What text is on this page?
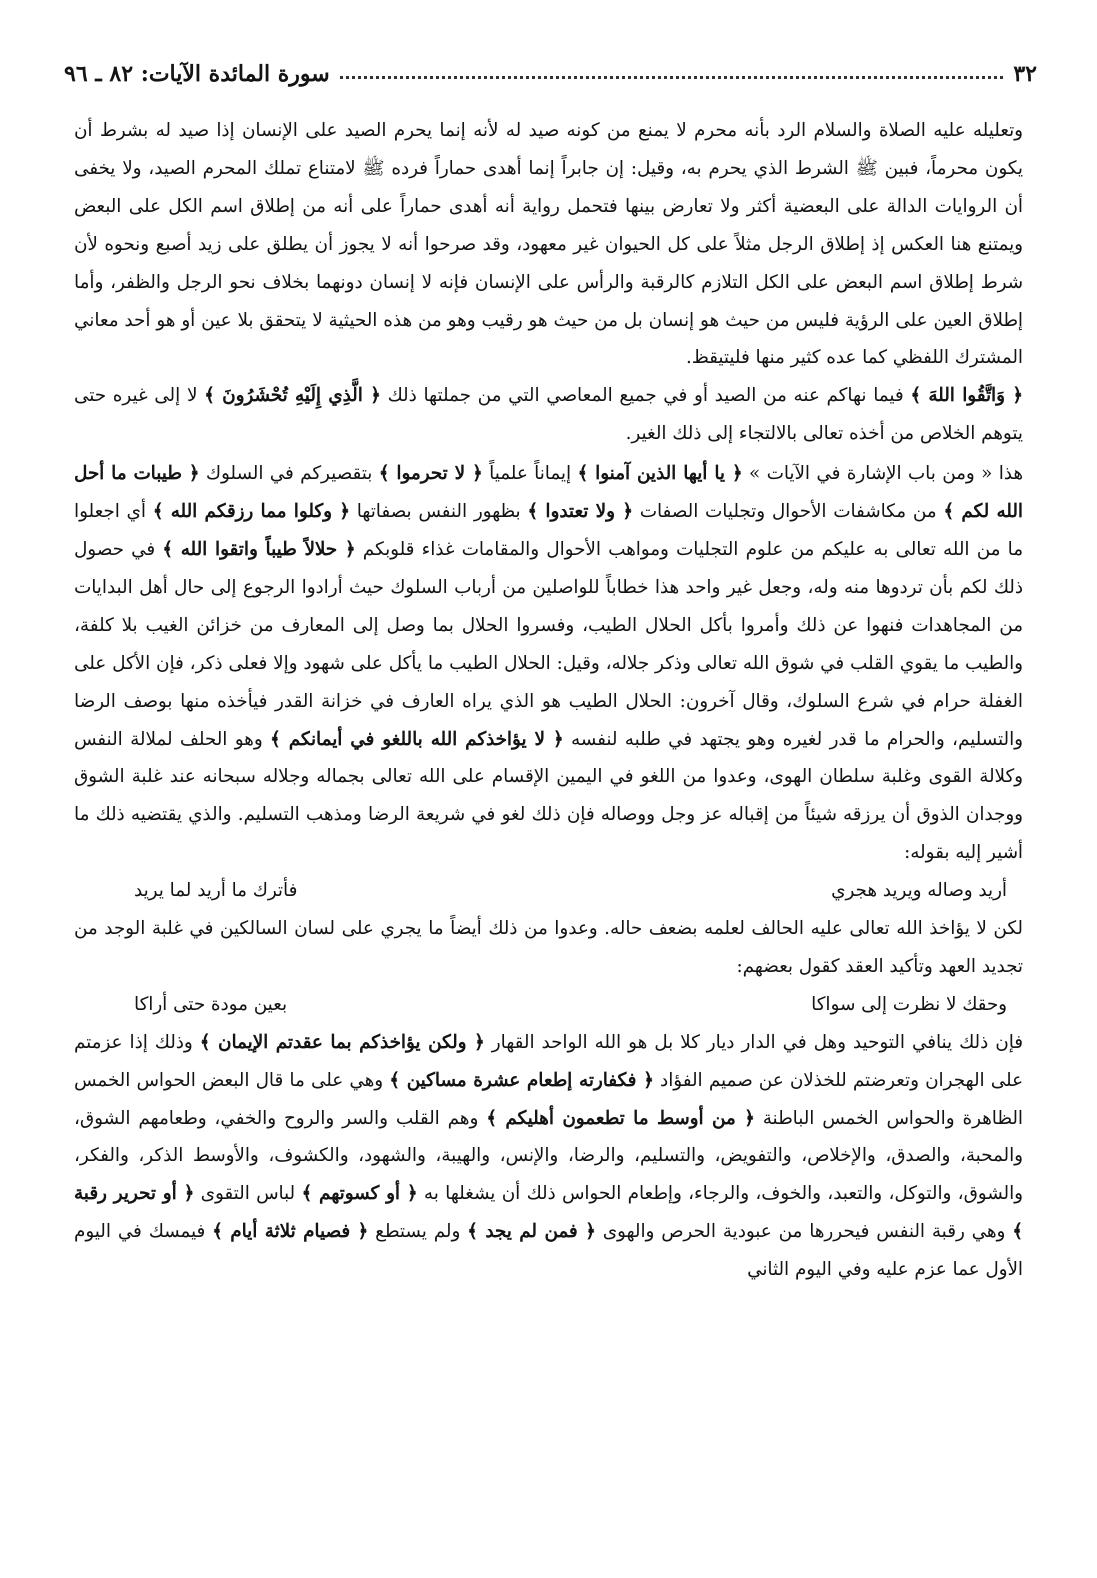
٣٢
سورة المائدة الآيات: ٨٢ ـ ٩٦

وتعليله عليه الصلاة والسلام الرد بأنه محرم لا يمنع من كونه صيد له لأنه إنما يحرم الصيد على الإنسان إذا صيد له بشرط أن يكون محرماً، فبين ﷺ الشرط الذي يحرم به، وقيل: إن جابراً إنما أهدى حماراً فرده ﷺ لامتناع تملك المحرم الصيد، ولا يخفى أن الروايات الدالة على البعضية أكثر ولا تعارض بينها فتحمل رواية أنه أهدى حماراً على أنه من إطلاق اسم الكل على البعض ويمتنع هنا العكس إذ إطلاق الرجل مثلاً على كل الحيوان غير معهود، وقد صرحوا أنه لا يجوز أن يطلق على زيد أصبع ونحوه لأن شرط إطلاق اسم البعض على الكل التلازم كالرقبة والرأس على الإنسان فإنه لا إنسان دونهما بخلاف نحو الرجل والظفر، وأما إطلاق العين على الرؤية فليس من حيث هو إنسان بل من حيث هو رقيب وهو من هذه الحيثية لا يتحقق بلا عين أو هو أحد معاني المشترك اللفظي كما عده كثير منها فليتيقظ.

﴿ وَاتَّقُوا اللهَ ﴾ فيما نهاكم عنه من الصيد أو في جميع المعاصي التي من جملتها ذلك ﴿ الَّذِي إِلَيْهِ تُحْشَرُونَ ﴾ لا إلى غيره حتى يتوهم الخلاص من أخذه تعالى بالالتجاء إلى ذلك الغير.

هذا « ومن باب الإشارة في الآيات » ﴿ يا أيها الذين آمنوا ﴾ إيماناً علمياً ﴿ لا تحرموا ﴾ بتقصيركم في السلوك ﴿ طيبات ما أحل الله لكم ﴾ من مكاشفات الأحوال وتجليات الصفات ﴿ ولا تعتدوا ﴾ بظهور النفس بصفاتها ﴿ وكلوا مما رزقكم الله ﴾ أي اجعلوا ما من الله تعالى به عليكم من علوم التجليات ومواهب الأحوال والمقامات غذاء قلوبكم ﴿ حلالاً طيباً واتقوا الله ﴾ في حصول ذلك لكم بأن تردوها منه وله، وجعل غير واحد هذا خطاباً للواصلين من أرباب السلوك حيث أرادوا الرجوع إلى حال أهل البدايات من المجاهدات فنهوا عن ذلك وأمروا بأكل الحلال الطيب، وفسروا الحلال بما وصل إلى المعارف من خزائن الغيب بلا كلفة، والطيب ما يقوي القلب في شوق الله تعالى وذكر جلاله، وقيل: الحلال الطيب ما يأكل على شهود وإلا فعلى ذكر، فإن الأكل على الغفلة حرام في شرع السلوك، وقال آخرون: الحلال الطيب هو الذي يراه العارف في خزانة القدر فيأخذه منها بوصف الرضا والتسليم، والحرام ما قدر لغيره وهو يجتهد في طلبه لنفسه ﴿ لا يؤاخذكم الله باللغو في أيمانكم ﴾ وهو الحلف لملالة النفس وكلالة القوى وغلبة سلطان الهوى، وعدوا من اللغو في اليمين الإقسام على الله تعالى بجماله وجلاله سبحانه عند غلبة الشوق ووجدان الذوق أن يرزقه شيئاً من إقباله عز وجل ووصاله فإن ذلك لغو في شريعة الرضا ومذهب التسليم. والذي يقتضيه ذلك ما أشير إليه بقوله:

أريد وصاله ويريد هجري
فأترك ما أريد لما يريد

لكن لا يؤاخذ الله تعالى عليه الحالف لعلمه بضعف حاله. وعدوا من ذلك أيضاً ما يجري على لسان السالكين في غلبة الوجد من تجديد العهد وتأكيد العقد كقول بعضهم:

وحقك لا نظرت إلى سواكا
بعين مودة حتى أراكا

فإن ذلك ينافي التوحيد وهل في الدار ديار كلا بل هو الله الواحد القهار ﴿ ولكن يؤاخذكم بما عقدتم الإيمان ﴾ وذلك إذا عزمتم على الهجران وتعرضتم للخذلان عن صميم الفؤاد ﴿ فكفارته إطعام عشرة مساكين ﴾ وهي على ما قال البعض الحواس الخمس الظاهرة والحواس الخمس الباطنة ﴿ من أوسط ما تطعمون أهليكم ﴾ وهم القلب والسر والروح والخفي، وطعامهم الشوق، والمحبة، والصدق، والإخلاص، والتفويض، والتسليم، والرضا، والإنس، والهيبة، والشهود، والكشوف، والأوسط الذكر، والفكر، والشوق، والتوكل، والتعبد، والخوف، والرجاء، وإطعام الحواس ذلك أن يشغلها به ﴿ أو كسوتهم ﴾ لباس التقوى ﴿ أو تحرير رقبة ﴾ وهي رقبة النفس فيحررها من عبودية الحرص والهوى ﴿ فمن لم يجد ﴾ ولم يستطع ﴿ فصيام ثلاثة أيام ﴾ فيمسك في اليوم الأول عما عزم عليه وفي اليوم الثاني
